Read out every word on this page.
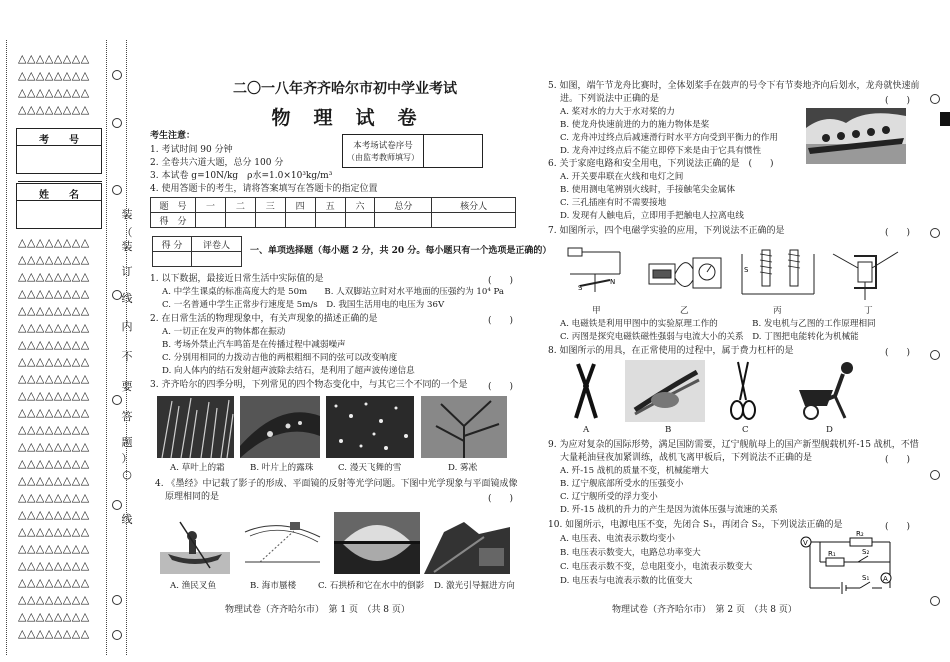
△△△△△△△△
△△△△△△△△
△△△△△△△△
△△△△△△△△
考　　号
姓　　名
△△△△△△△△
△△△△△△△△
△△△△△△△△
△△△△△△△△
△△△△△△△△
△△△△△△△△
△△△△△△△△
△△△△△△△△
△△△△△△△△
△△△△△△△△
△△△△△△△△
△△△△△△△△
△△△△△△△△
△△△△△△△△
△△△△△△△△
△△△△△△△△
△△△△△△△△
△△△△△△△△
△△△△△△△△
△△△△△△△△
△△△△△△△△
△△△△△△△△
△△△△△△△△
△△△△△△△△
装
（
装
订
线
内
不
要
答
题
）
○
线
二〇一八年齐齐哈尔市初中学业考试
物　理　试　卷
考生注意：
1. 考试时间 90 分钟
2. 全卷共六道大题，总分 100 分
3. 本试卷 g=10N/kg　ρ水=1.0×10³kg/m³
4. 使用答题卡的考生，请将答案填写在答题卡的指定位置
本考场试卷序号
（由监考教师填写）
题　号	一	二	三	四	五	六	总分	核分人
得　分								
得 分	评卷人

一、单项选择题（每小题 2 分，共 20 分。每小题只有一个选项是正确的）
1. 以下数据，最接近日常生活中实际值的是	(　　)
A. 中学生课桌的标准高度大约是 50m　　B. 人双脚站立时对水平地面的压强约为 10⁴ Pa
C. 一名普通中学生正常步行速度是 5m/s　D. 我国生活用电的电压为 36V
2. 在日常生活的物理现象中，有关声现象的描述正确的是	(　　)
A. 一切正在发声的物体都在振动
B. 考场外禁止汽车鸣笛是在传播过程中减弱噪声
C. 分别用相同的力拨动吉他的两根粗细不同的弦可以改变响度
D. 向人体内的结石发射超声波除去结石，是利用了超声波传递信息
3. 齐齐哈尔的四季分明，下列常见的四个物态变化中，与其它三个不同的一个是 (　　)
A. 草叶上的霜	B. 叶片上的露珠	C. 漫天飞舞的雪	D. 雾凇
4. 《墨经》中记载了影子的形成、平面镜的反射等光学问题。下图中光学现象与平面镜成像
原理相同的是	(　　)
A. 渔民叉鱼	B. 海市蜃楼	C. 石拱桥和它在水中的倒影 D. 激光引导掘进方向
物理试卷（齐齐哈尔市）　第 1 页　（共 8 页）
5. 如图，端午节龙舟比赛时，全体划桨手在鼓声的号令下有节奏地齐向后划水，龙舟就快速前
进。下列说法中正确的是	(　　)
A. 桨对水的力大于水对桨的力
B. 使龙舟快速前进的力的施力物体是桨
C. 龙舟冲过终点后减速滑行时水平方向受到平衡力的作用
D. 龙舟冲过终点后不能立即停下来是由于它具有惯性
6. 关于家庭电路和安全用电，下列说法正确的是　(　　)
A. 开关要串联在火线和电灯之间
B. 使用测电笔辨别火线时，手接触笔尖金属体
C. 三孔插座有时不需要接地
D. 发现有人触电后，立即用手把触电人拉离电线
7. 如图所示，四个电磁学实验的应用，下列说法不正确的是	(　　)
S
N
S
甲	乙	丙	丁
A. 电磁铁是利用甲图中的实验原理工作的　　　　B. 发电机与乙图的工作原理相同
C. 丙图是探究电磁铁磁性强弱与电流大小的关系　D. 丁图把电能转化为机械能
8. 如图所示的用具，在正常使用的过程中，属于费力杠杆的是	(　　)
A	B	C	D
9. 为应对复杂的国际形势，满足国防需要，辽宁舰航母上的国产新型舰载机歼-15 战机，不惜
大量耗油昼夜加紧训练，战机飞离甲板后，下列说法不正确的是	(　　)
A. 歼-15 战机的质量不变，机械能增大
B. 辽宁舰底部所受水的压强变小
C. 辽宁舰所受的浮力变小
D. 歼-15 战机的升力的产生是因为流体压强与流速的关系
10. 如图所示，电源电压不变，先闭合 S₁，再闭合 S₂，下列说法正确的是	(　　)
A. 电压表、电流表示数均变小
B. 电压表示数变大，电路总功率变大
C. 电压表示数不变，总电阻变小，电流表示数变大
D. 电压表与电流表示数的比值变大
V
A
R₂
R₁	S₂
S₁
物理试卷（齐齐哈尔市）　第 2 页　（共 8 页）
